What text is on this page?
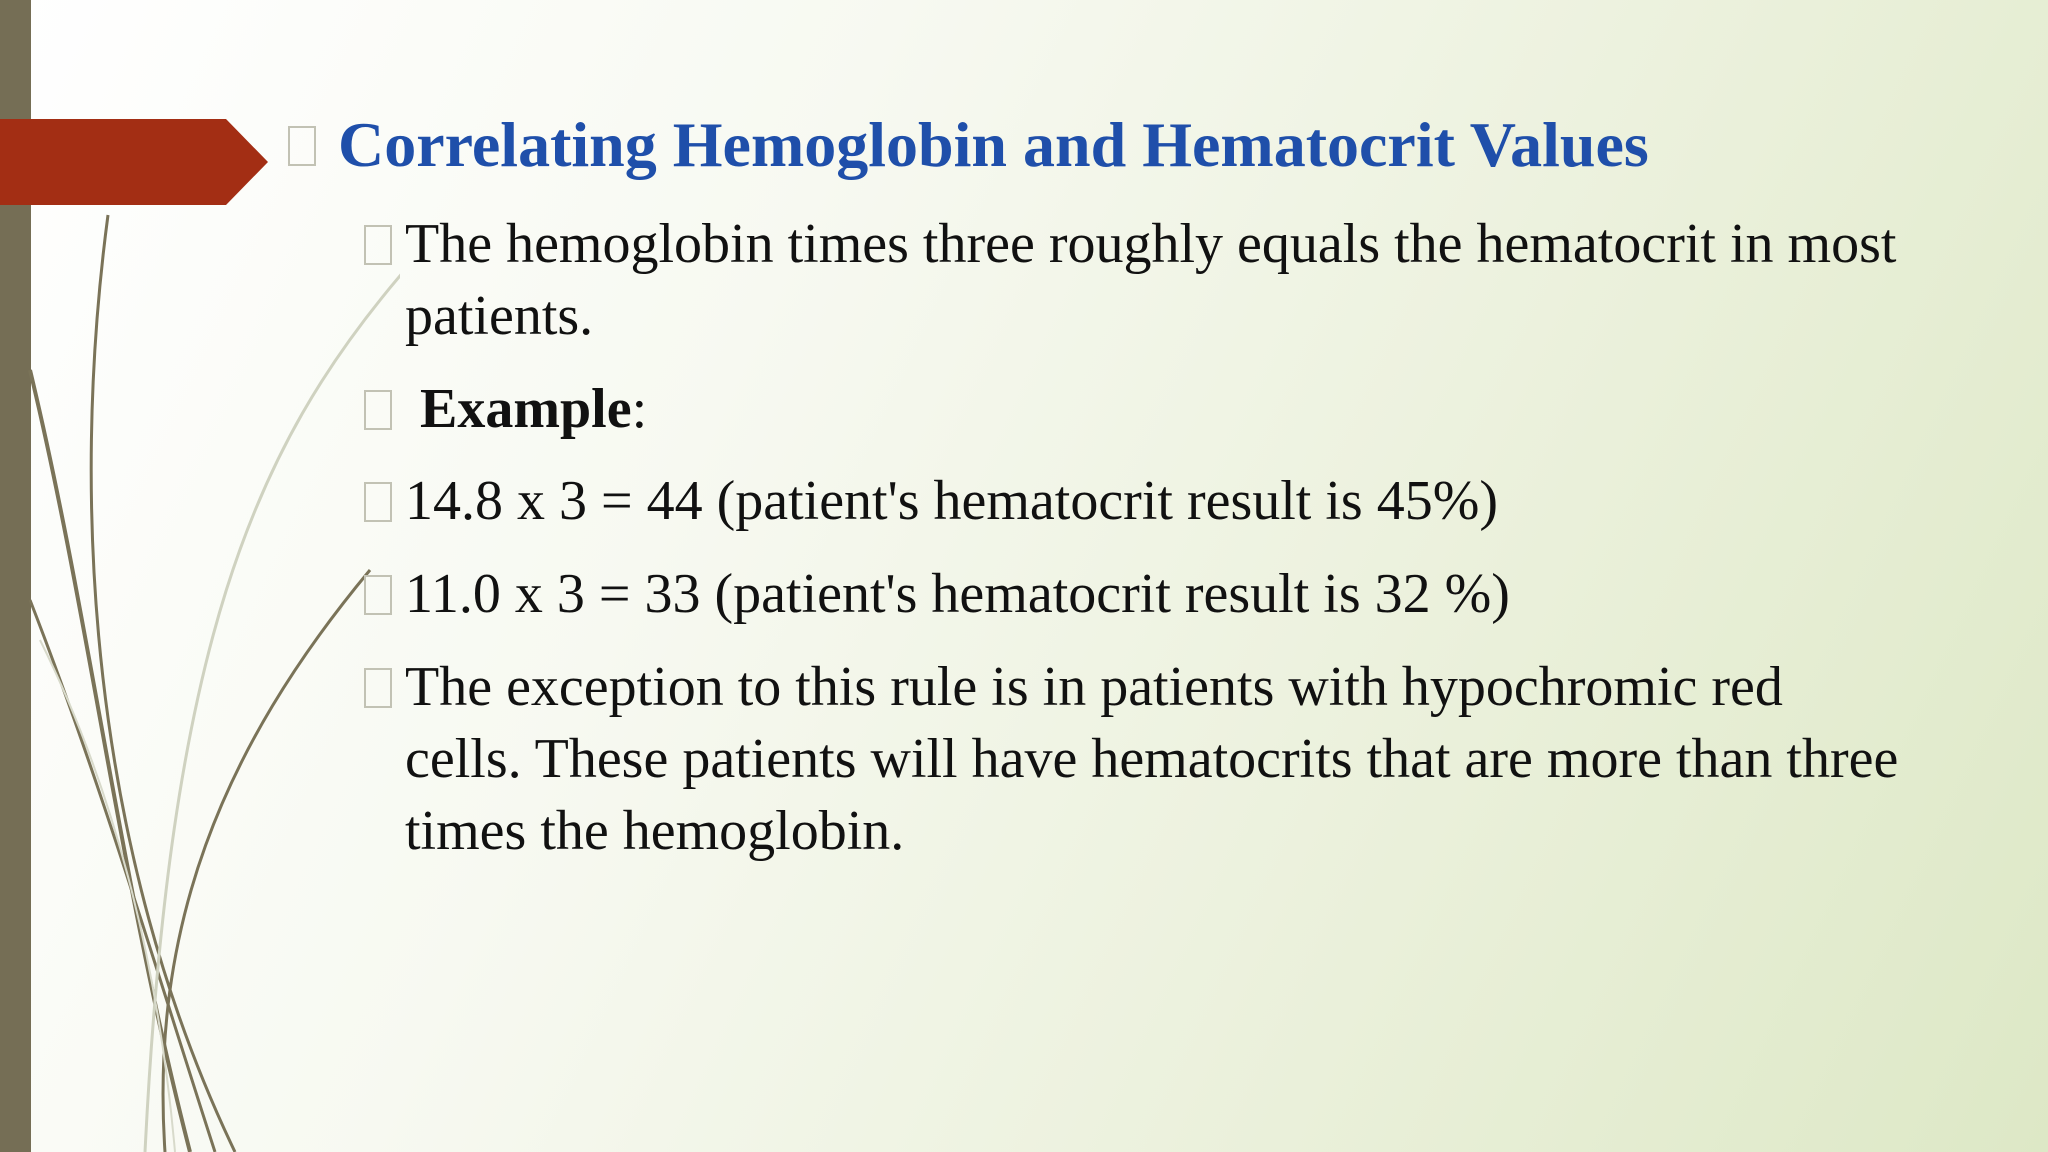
Correlating Hemoglobin and Hematocrit Values

The hemoglobin times three roughly equals the hematocrit in most

patients.

Example:

14.8 x 3 = 44 (patient's hematocrit result is 45%)

11.0 x 3 = 33 (patient's hematocrit result is 32 %)

The exception to this rule is in patients with hypochromic red

cells. These patients will have hematocrits that are more than three

times the hemoglobin.
